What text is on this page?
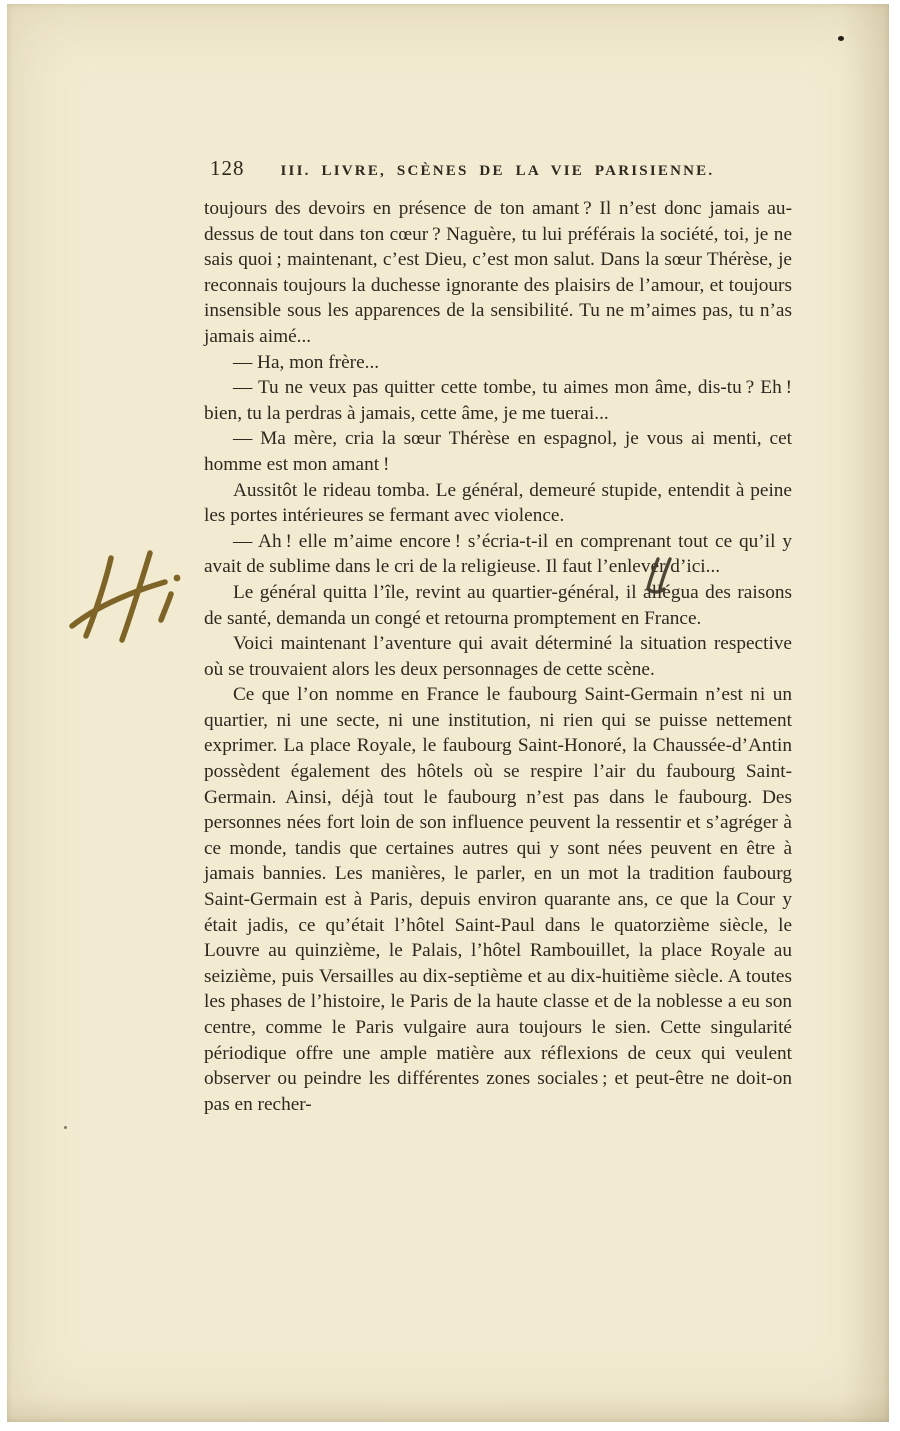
128 III. LIVRE, SCÈNES DE LA VIE PARISIENNE.

toujours des devoirs en présence de ton amant ? Il n’est donc jamais au-dessus de tout dans ton cœur ? Naguère, tu lui préférais la société, toi, je ne sais quoi ; maintenant, c’est Dieu, c’est mon salut. Dans la sœur Thérèse, je reconnais toujours la duchesse ignorante des plaisirs de l’amour, et toujours insensible sous les apparences de la sensibilité. Tu ne m’aimes pas, tu n’as jamais aimé...

— Ha, mon frère...

— Tu ne veux pas quitter cette tombe, tu aimes mon âme, dis-tu ? Eh ! bien, tu la perdras à jamais, cette âme, je me tuerai...

— Ma mère, cria la sœur Thérèse en espagnol, je vous ai menti, cet homme est mon amant !

Aussitôt le rideau tomba. Le général, demeuré stupide, entendit à peine les portes intérieures se fermant avec violence.

— Ah ! elle m’aime encore ! s’écria-t-il en comprenant tout ce qu’il y avait de sublime dans le cri de la religieuse. Il faut l’enlever d’ici...

Le général quitta l’île, revint au quartier-général, il allégua des raisons de santé, demanda un congé et retourna promptement en France.

Voici maintenant l’aventure qui avait déterminé la situation respective où se trouvaient alors les deux personnages de cette scène.

Ce que l’on nomme en France le faubourg Saint-Germain n’est ni un quartier, ni une secte, ni une institution, ni rien qui se puisse nettement exprimer. La place Royale, le faubourg Saint-Honoré, la Chaussée-d’Antin possèdent également des hôtels où se respire l’air du faubourg Saint-Germain. Ainsi, déjà tout le faubourg n’est pas dans le faubourg. Des personnes nées fort loin de son influence peuvent la ressentir et s’agréger à ce monde, tandis que certaines autres qui y sont nées peuvent en être à jamais bannies. Les manières, le parler, en un mot la tradition faubourg Saint-Germain est à Paris, depuis environ quarante ans, ce que la Cour y était jadis, ce qu’était l’hôtel Saint-Paul dans le quatorzième siècle, le Louvre au quinzième, le Palais, l’hôtel Rambouillet, la place Royale au seizième, puis Versailles au dix-septième et au dix-huitième siècle. A toutes les phases de l’histoire, le Paris de la haute classe et de la noblesse a eu son centre, comme le Paris vulgaire aura toujours le sien. Cette singularité périodique offre une ample matière aux réflexions de ceux qui veulent observer ou peindre les différentes zones sociales ; et peut-être ne doit-on pas en recher-
